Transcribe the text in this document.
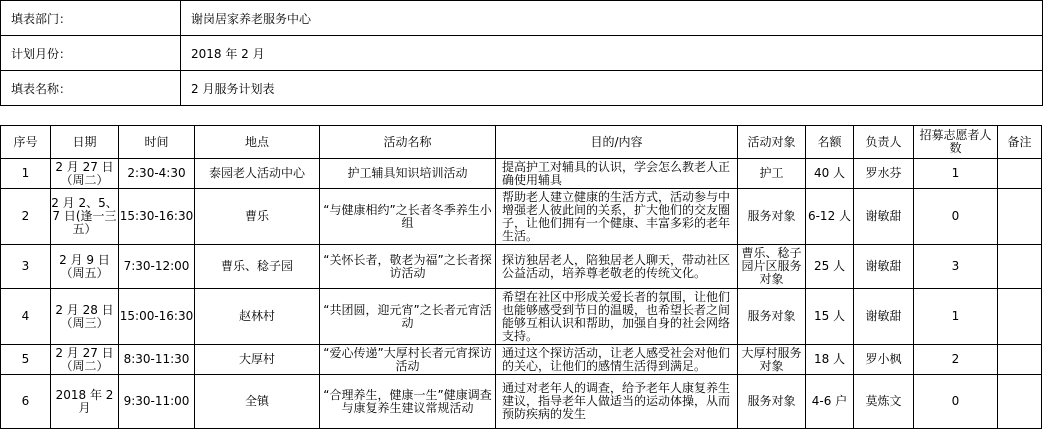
填表部门：	谢岗居家养老服务中心
计划月份：	2018 年 2 月
填表名称：	2 月服务计划表
序号	日期	时间	地点	活动名称	目的/内容	活动对象	名额	负责人	招募志愿者人数	备注
1	2 月 27 日（周二）	2:30-4:30	泰园老人活动中心	护工辅具知识培训活动	提高护工对辅具的认识，学会怎么教老人正确使用辅具	护工	40 人	罗水芬	1	
2	2 月 2、5、7 日(逢一三五）	15:30-16:30	曹乐	“与健康相约”之长者冬季养生小组	帮助老人建立健康的生活方式，活动参与中增强老人彼此间的关系，扩大他们的交友圈子，让他们拥有一个健康、丰富多彩的老年生活。	服务对象	6-12 人	谢敏甜	0	
3	2 月 9 日（周五）	7:30-12:00	曹乐、稔子园	“关怀长者，敬老为福”之长者探访活动	探访独居老人，陪独居老人聊天，带动社区公益活动，培养尊老敬老的传统文化。	曹乐、稔子园片区服务对象	25 人	谢敏甜	3	
4	2 月 28 日（周三）	15:00-16:30	赵林村	“共团圆，迎元宵”之长者元宵活动	希望在社区中形成关爱长者的氛围，让他们也能够感受到节日的温暖，也希望长者之间能够互相认识和帮助，加强自身的社会网络支持。	服务对象	15 人	谢敏甜	1	
5	2 月 27 日（周二）	8:30-11:30	大厚村	“爱心传递”大厚村长者元宵探访活动	通过这个探访活动，让老人感受社会对他们的关心，让他们的感情生活得到满足。	大厚村服务对象	18 人	罗小枫	2	
6	2018 年 2 月	9:30-11:00	全镇	“合理养生，健康一生”健康调查与康复养生建议常规活动	通过对老年人的调查，给予老年人康复养生建议，指导老年人做适当的运动体操，从而预防疾病的发生	服务对象	4-6 户	莫炼文	0	
